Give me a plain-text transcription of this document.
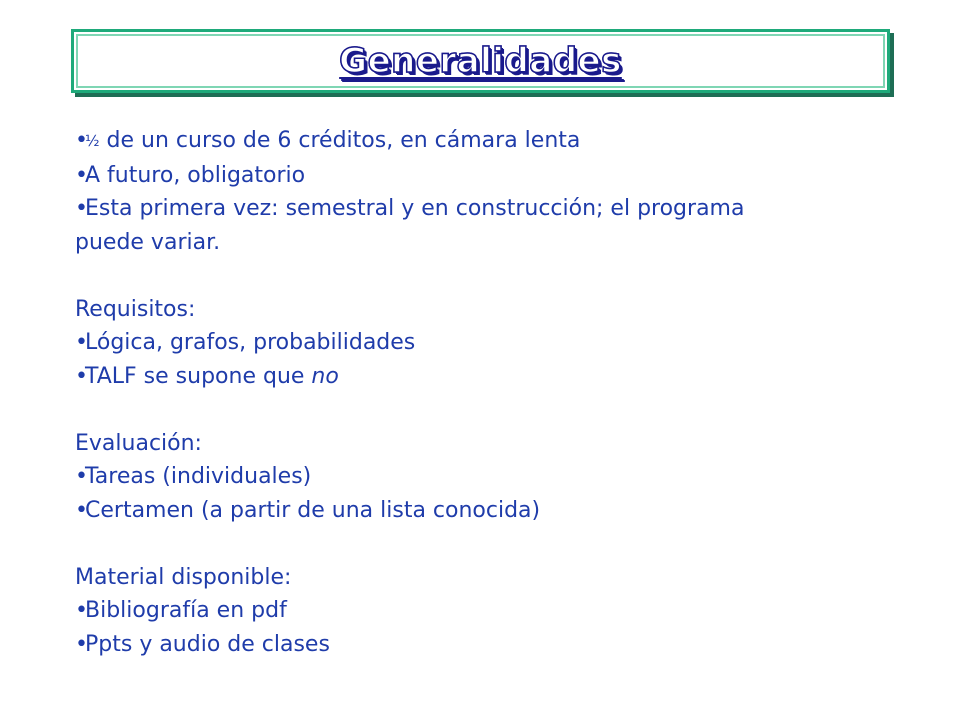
Generalidades
•½ de un curso de 6 créditos, en cámara lenta
•A futuro, obligatorio
•Esta primera vez: semestral y en construcción; el programa
puede variar.
Requisitos:
•Lógica, grafos, probabilidades
•TALF se supone que no
Evaluación:
•Tareas (individuales)
•Certamen (a partir de una lista conocida)
Material disponible:
•Bibliografía en pdf
•Ppts y audio de clases
